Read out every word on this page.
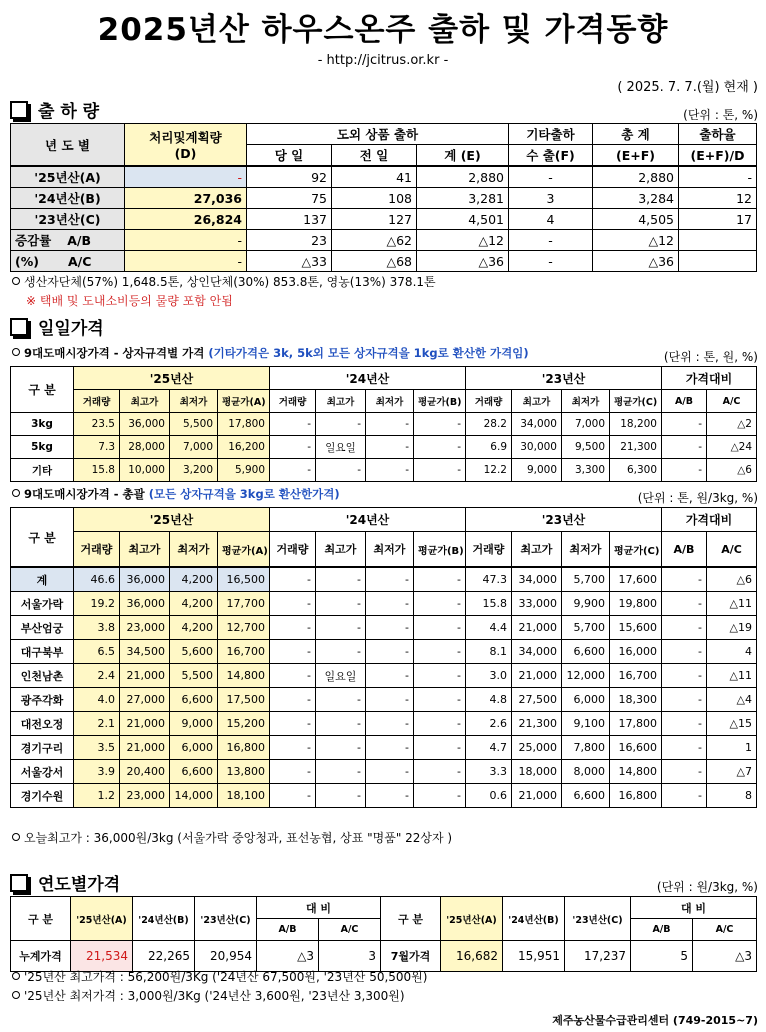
2025년산 하우스온주 출하 및 가격동향
- http://jcitrus.or.kr -
( 2025. 7. 7.(월) 현재 )
출 하 량	(단위 : 톤, %)
년 도 별	처리및계획량
(D)	도외 상품 출하			기타출하	총 계	출하율
		당 일	전 일	계 (E)	수 출(F)	(E+F)	(E+F)/D
'25년산(A)	-	92	41	2,880	-	2,880	-
'24년산(B)	27,036	75	108	3,281	3	3,284	12
'23년산(C)	26,824	137	127	4,501	4	4,505	17
증감률 A/B	-	23	△62	△12	-	△12	
(%) A/C	-	△33	△68	△36	-	△36	
생산자단체(57%) 1,648.5톤, 상인단체(30%) 853.8톤, 영농(13%) 378.1톤
※ 택배 및 도내소비등의 물량 포함 안됨
일일가격
9대도매시장가격 - 상자규격별 가격 (기타가격은 3k, 5k외 모든 상자규격을 1kg로 환산한 가격임)	(단위 : 톤, 원, %)
구 분	'25년산				'24년산				'23년산				가격대비	
	거래량	최고가	최저가	평균가(A)	거래량	최고가	최저가	평균가(B)	거래량	최고가	최저가	평균가(C)	A/B	A/C
3kg	23.5	36,000	5,500	17,800	-	-	-	-	28.2	34,000	7,000	18,200	-	△2
5kg	7.3	28,000	7,000	16,200	-	일요일	-	-	6.9	30,000	9,500	21,300	-	△24
기타	15.8	10,000	3,200	5,900	-	-	-	-	12.2	9,000	3,300	6,300	-	△6
9대도매시장가격 - 총괄 (모든 상자규격을 3kg로 환산한가격)	(단위 : 톤, 원/3kg, %)
구 분	'25년산				'24년산				'23년산				가격대비	
	거래량	최고가	최저가	평균가(A)	거래량	최고가	최저가	평균가(B)	거래량	최고가	최저가	평균가(C)	A/B	A/C
계	46.6	36,000	4,200	16,500	-	-	-	-	47.3	34,000	5,700	17,600	-	△6
서울가락	19.2	36,000	4,200	17,700	-	-	-	-	15.8	33,000	9,900	19,800	-	△11
부산엄궁	3.8	23,000	4,200	12,700	-	-	-	-	4.4	21,000	5,700	15,600	-	△19
대구북부	6.5	34,500	5,600	16,700	-	-	-	-	8.1	34,000	6,600	16,000	-	4
인천남촌	2.4	21,000	5,500	14,800	-	일요일	-	-	3.0	21,000	12,000	16,700	-	△11
광주각화	4.0	27,000	6,600	17,500	-	-	-	-	4.8	27,500	6,000	18,300	-	△4
대전오정	2.1	21,000	9,000	15,200	-	-	-	-	2.6	21,300	9,100	17,800	-	△15
경기구리	3.5	21,000	6,000	16,800	-	-	-	-	4.7	25,000	7,800	16,600	-	1
서울강서	3.9	20,400	6,600	13,800	-	-	-	-	3.3	18,000	8,000	14,800	-	△7
경기수원	1.2	23,000	14,000	18,100	-	-	-	-	0.6	21,000	6,600	16,800	-	8
오늘최고가 : 36,000원/3kg (서울가락 중앙청과, 표선농협, 상표 "명품" 22상자 )
연도별가격	(단위 : 원/3kg, %)
구 분	'25년산(A)	'24년산(B)	'23년산(C)	대 비		구 분	'25년산(A)	'24년산(B)	'23년산(C)	대 비	
				A/B	A/C					A/B	A/C
누계가격	21,534	22,265	20,954	△3	3	7월가격	16,682	15,951	17,237	5	△3
'25년산 최고가격 : 56,200원/3Kg ('24년산 67,500원, '23년산 50,500원)
'25년산 최저가격 : 3,000원/3Kg ('24년산 3,600원, '23년산 3,300원)
제주농산물수급관리센터 (749-2015~7)
